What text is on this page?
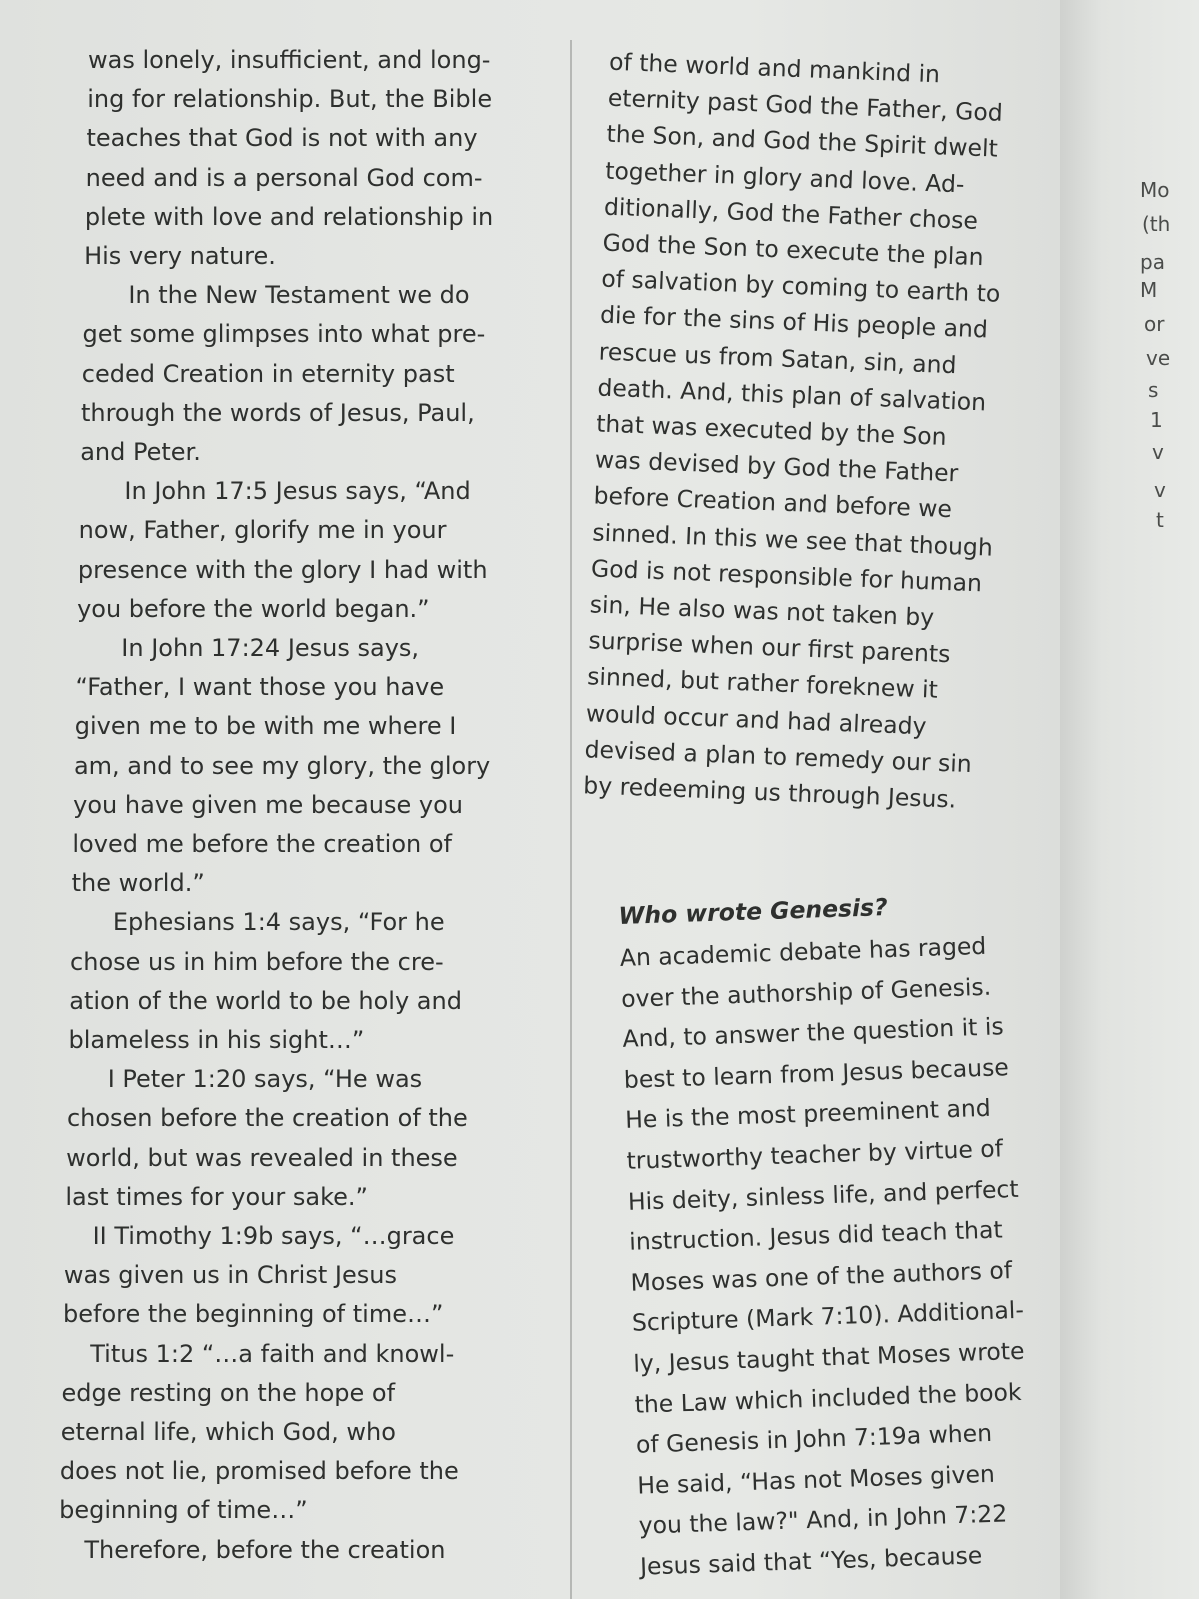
was lonely, insufficient, and long-

ing for relationship. But, the Bible

teaches that God is not with any

need and is a personal God com-

plete with love and relationship in

His very nature.

In the New Testament we do

get some glimpses into what pre-

ceded Creation in eternity past

through the words of Jesus, Paul,

and Peter.

In John 17:5 Jesus says, “And

now, Father, glorify me in your

presence with the glory I had with

you before the world began.”

In John 17:24 Jesus says,

“Father, I want those you have

given me to be with me where I

am, and to see my glory, the glory

you have given me because you

loved me before the creation of

the world.”

Ephesians 1:4 says, “For he

chose us in him before the cre-

ation of the world to be holy and

blameless in his sight…”

I Peter 1:20 says, “He was

chosen before the creation of the

world, but was revealed in these

last times for your sake.”

II Timothy 1:9b says, “…grace

was given us in Christ Jesus

before the beginning of time…”

Titus 1:2 “…a faith and knowl-

edge resting on the hope of

eternal life, which God, who

does not lie, promised before the

beginning of time…”

Therefore, before the creation

of the world and mankind in

eternity past God the Father, God

the Son, and God the Spirit dwelt

together in glory and love. Ad-

ditionally, God the Father chose

God the Son to execute the plan

of salvation by coming to earth to

die for the sins of His people and

rescue us from Satan, sin, and

death. And, this plan of salvation

that was executed by the Son

was devised by God the Father

before Creation and before we

sinned. In this we see that though

God is not responsible for human

sin, He also was not taken by

surprise when our first parents

sinned, but rather foreknew it

would occur and had already

devised a plan to remedy our sin

by redeeming us through Jesus.

Who wrote Genesis?

An academic debate has raged

over the authorship of Genesis.

And, to answer the question it is

best to learn from Jesus because

He is the most preeminent and

trustworthy teacher by virtue of

His deity, sinless life, and perfect

instruction. Jesus did teach that

Moses was one of the authors of

Scripture (Mark 7:10). Additional-

ly, Jesus taught that Moses wrote

the Law which included the book

of Genesis in John 7:19a when

He said, “Has not Moses given

you the law?" And, in John 7:22

Jesus said that “Yes, because

Mo

(th

pa

M

or

ve

s

1

v

v

t
